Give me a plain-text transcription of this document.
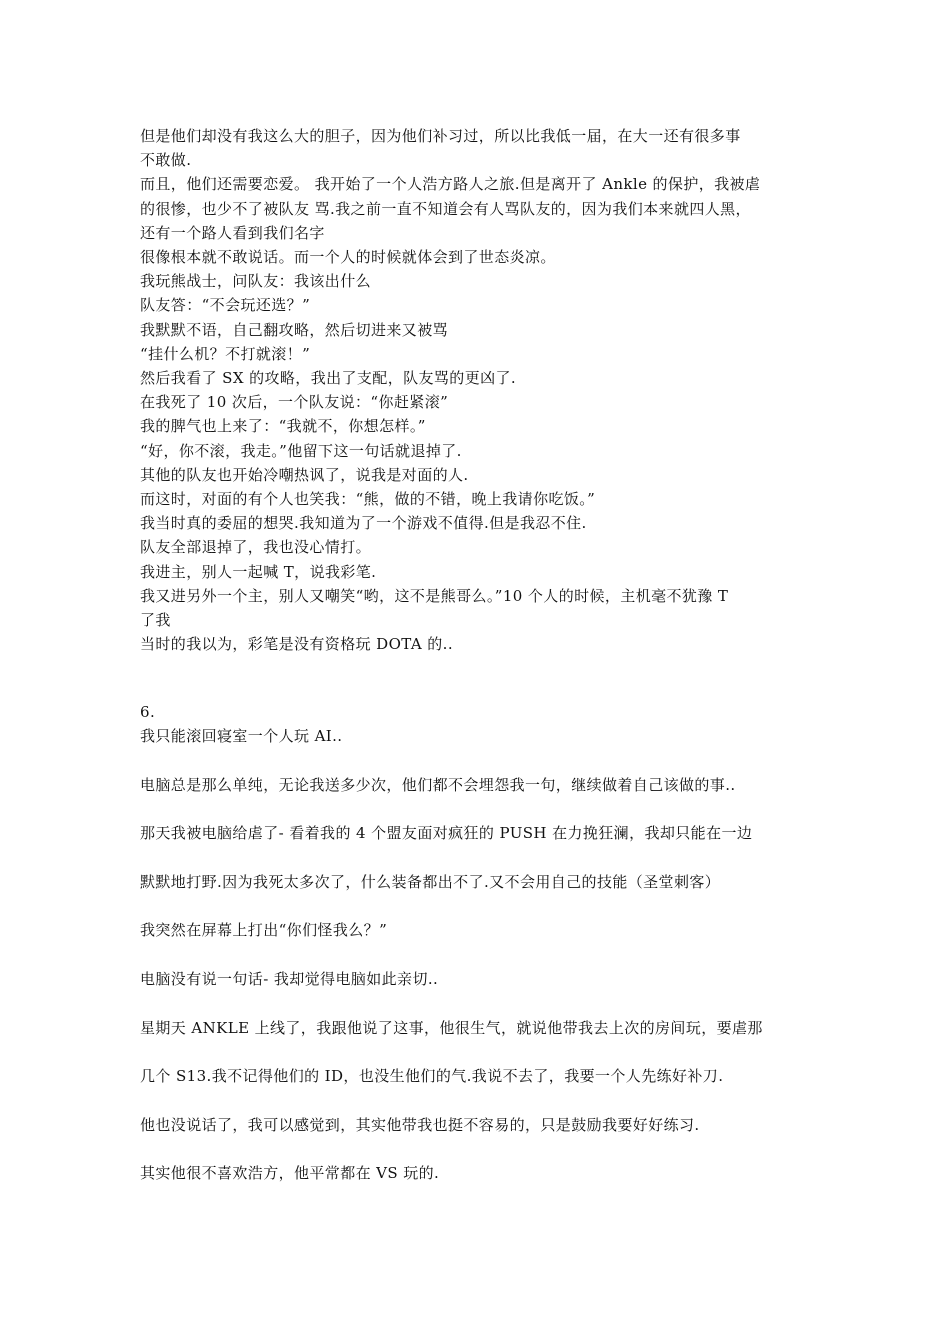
但是他们却没有我这么大的胆子，因为他们补习过，所以比我低一届，在大一还有很多事
不敢做.
而且，他们还需要恋爱。 我开始了一个人浩方路人之旅.但是离开了 Ankle 的保护，我被虐
的很惨，也少不了被队友 骂.我之前一直不知道会有人骂队友的，因为我们本来就四人黑，
还有一个路人看到我们名字
很像根本就不敢说话。而一个人的时候就体会到了世态炎凉。
我玩熊战士，问队友：我该出什么
队友答：“不会玩还选？”
我默默不语，自己翻攻略，然后切进来又被骂
“挂什么机？不打就滚！”
然后我看了 SX 的攻略，我出了支配，队友骂的更凶了.
在我死了 10 次后，一个队友说：“你赶紧滚”
我的脾气也上来了：“我就不，你想怎样。”
“好，你不滚，我走。”他留下这一句话就退掉了.
其他的队友也开始冷嘲热讽了，说我是对面的人.
而这时，对面的有个人也笑我：“熊，做的不错，晚上我请你吃饭。”
我当时真的委屈的想哭.我知道为了一个游戏不值得.但是我忍不住.
队友全部退掉了，我也没心情打。
我进主，别人一起喊 T，说我彩笔.
我又进另外一个主，别人又嘲笑“哟，这不是熊哥么。”10 个人的时候，主机毫不犹豫 T
了我
当时的我以为，彩笔是没有资格玩 DOTA 的..
6.
我只能滚回寝室一个人玩 AI..
电脑总是那么单纯，无论我送多少次，他们都不会埋怨我一句，继续做着自己该做的事..
那天我被电脑给虐了- 看着我的 4 个盟友面对疯狂的 PUSH 在力挽狂澜，我却只能在一边
默默地打野.因为我死太多次了，什么装备都出不了.又不会用自己的技能（圣堂刺客）
我突然在屏幕上打出“你们怪我么？”
电脑没有说一句话- 我却觉得电脑如此亲切..
星期天 ANKLE 上线了，我跟他说了这事，他很生气，就说他带我去上次的房间玩，要虐那
几个 S13.我不记得他们的 ID，也没生他们的气.我说不去了，我要一个人先练好补刀.
他也没说话了，我可以感觉到，其实他带我也挺不容易的，只是鼓励我要好好练习.
其实他很不喜欢浩方，他平常都在 VS 玩的.
